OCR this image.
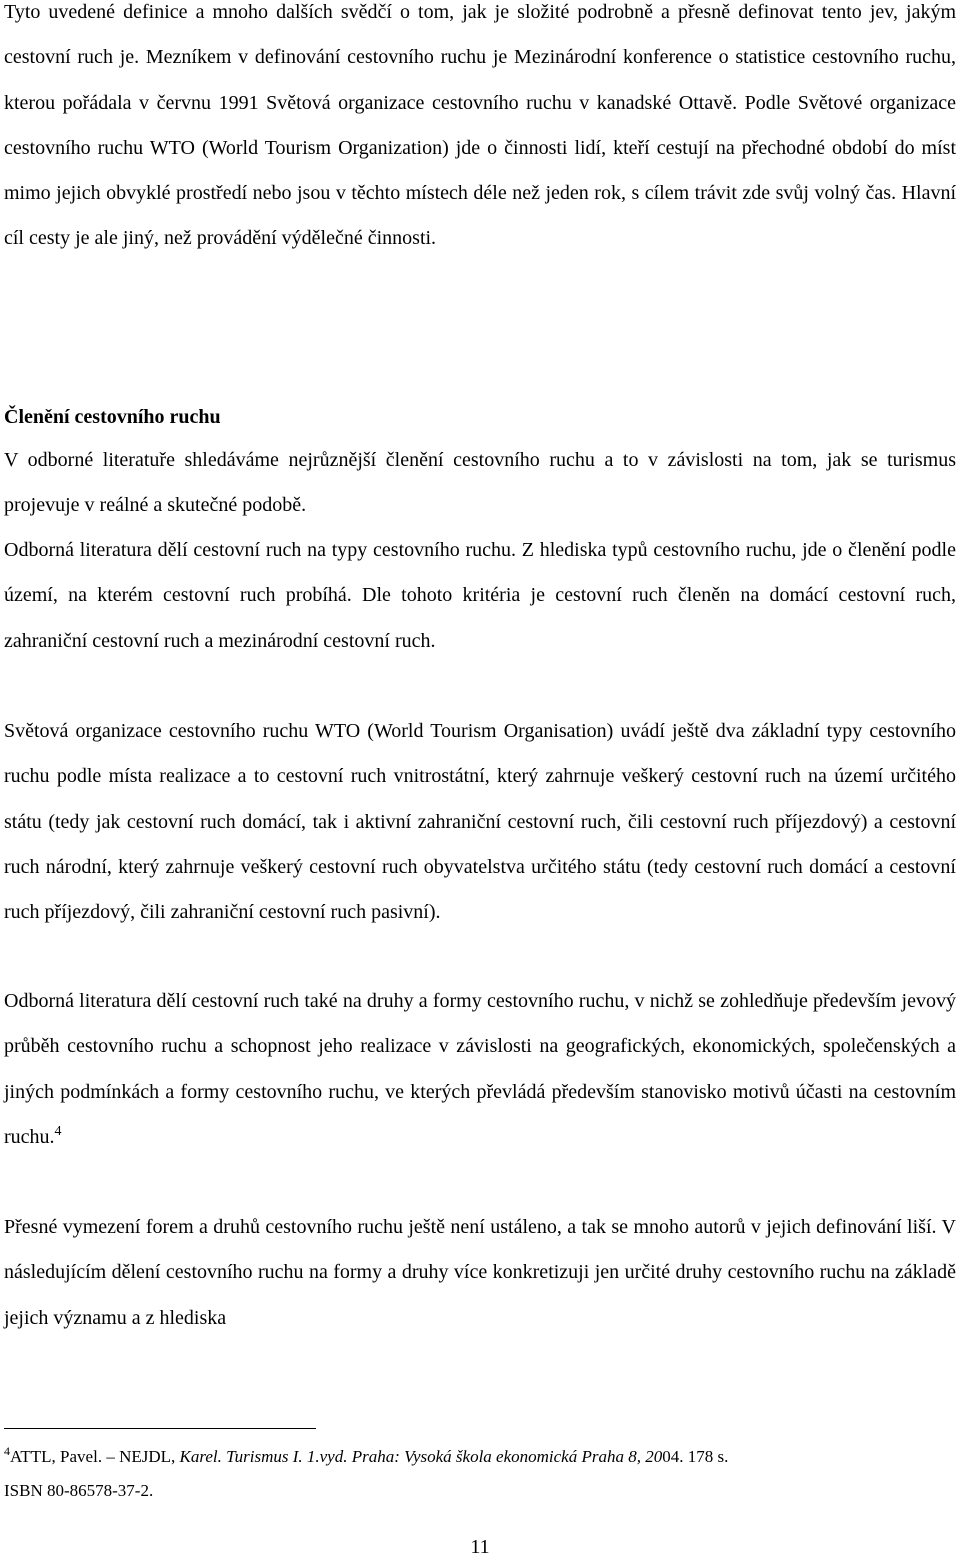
Tyto uvedené definice a mnoho dalších svědčí o tom, jak je složité podrobně a přesně definovat tento jev, jakým cestovní ruch je. Mezníkem v definování cestovního ruchu je Mezinárodní konference o statistice cestovního ruchu, kterou pořádala v červnu 1991 Světová organizace cestovního ruchu v kanadské Ottavě. Podle Světové organizace cestovního ruchu WTO (World Tourism Organization) jde o činnosti lidí, kteří cestují na přechodné období do míst mimo jejich obvyklé prostředí nebo jsou v těchto místech déle než jeden rok, s cílem trávit zde svůj volný čas. Hlavní cíl cesty je ale jiný, než provádění výdělečné činnosti.
Členění cestovního ruchu
V odborné literatuře shledáváme nejrůznější členění cestovního ruchu a to v závislosti na tom, jak se turismus projevuje v reálné a skutečné podobě.
Odborná literatura dělí cestovní ruch na typy cestovního ruchu. Z hlediska typů cestovního ruchu, jde o členění podle území, na kterém cestovní ruch probíhá. Dle tohoto kritéria je cestovní ruch členěn na domácí cestovní ruch, zahraniční cestovní ruch a mezinárodní cestovní ruch.
Světová organizace cestovního ruchu WTO (World Tourism Organisation) uvádí ještě dva základní typy cestovního ruchu podle místa realizace a to cestovní ruch vnitrostátní, který zahrnuje veškerý cestovní ruch na území určitého státu (tedy jak cestovní ruch domácí, tak i aktivní zahraniční cestovní ruch, čili cestovní ruch příjezdový) a cestovní ruch národní, který zahrnuje veškerý cestovní ruch obyvatelstva určitého státu (tedy cestovní ruch domácí a cestovní ruch příjezdový, čili zahraniční cestovní ruch pasivní).
Odborná literatura dělí cestovní ruch také na druhy a formy cestovního ruchu, v nichž se zohledňuje především jevový průběh cestovního ruchu a schopnost jeho realizace v závislosti na geografických, ekonomických, společenských a jiných podmínkách a formy cestovního ruchu, ve kterých převládá především stanovisko motivů účasti na cestovním ruchu.$^4$
Přesné vymezení forem a druhů cestovního ruchu ještě není ustáleno, a tak se mnoho autorů v jejich definování liší. V následujícím dělení cestovního ruchu na formy a druhy více konkretizuji jen určité druhy cestovního ruchu na základě jejich významu a z hlediska
$^4$ATTL, Pavel. – NEJDL, Karel. Turismus I. 1.vyd. Praha: Vysoká škola ekonomická Praha 8, 2004. 178 s.
ISBN 80-86578-37-2.
11
